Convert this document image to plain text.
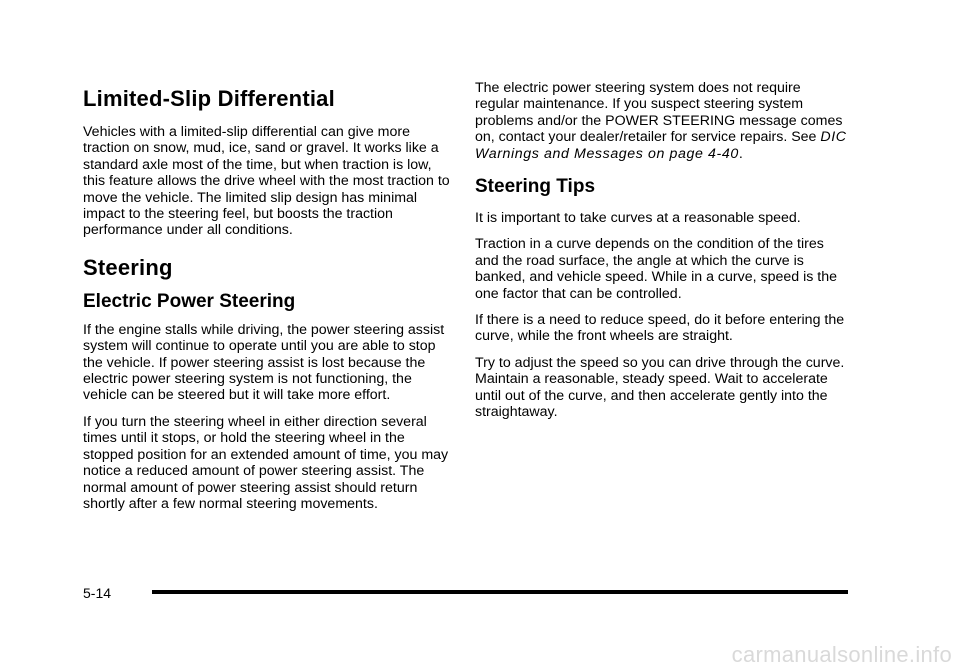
Limited-Slip Differential

Vehicles with a limited-slip differential can give more traction on snow, mud, ice, sand or gravel. It works like a standard axle most of the time, but when traction is low, this feature allows the drive wheel with the most traction to move the vehicle. The limited slip design has minimal impact to the steering feel, but boosts the traction performance under all conditions.

Steering
Electric Power Steering

If the engine stalls while driving, the power steering assist system will continue to operate until you are able to stop the vehicle. If power steering assist is lost because the electric power steering system is not functioning, the vehicle can be steered but it will take more effort.

If you turn the steering wheel in either direction several times until it stops, or hold the steering wheel in the stopped position for an extended amount of time, you may notice a reduced amount of power steering assist. The normal amount of power steering assist should return shortly after a few normal steering movements.

The electric power steering system does not require regular maintenance. If you suspect steering system problems and/or the POWER STEERING message comes on, contact your dealer/retailer for service repairs. See DIC Warnings and Messages on page 4-40.

Steering Tips

It is important to take curves at a reasonable speed.

Traction in a curve depends on the condition of the tires and the road surface, the angle at which the curve is banked, and vehicle speed. While in a curve, speed is the one factor that can be controlled.

If there is a need to reduce speed, do it before entering the curve, while the front wheels are straight.

Try to adjust the speed so you can drive through the curve. Maintain a reasonable, steady speed. Wait to accelerate until out of the curve, and then accelerate gently into the straightaway.

5-14
carmanualsonline.info
